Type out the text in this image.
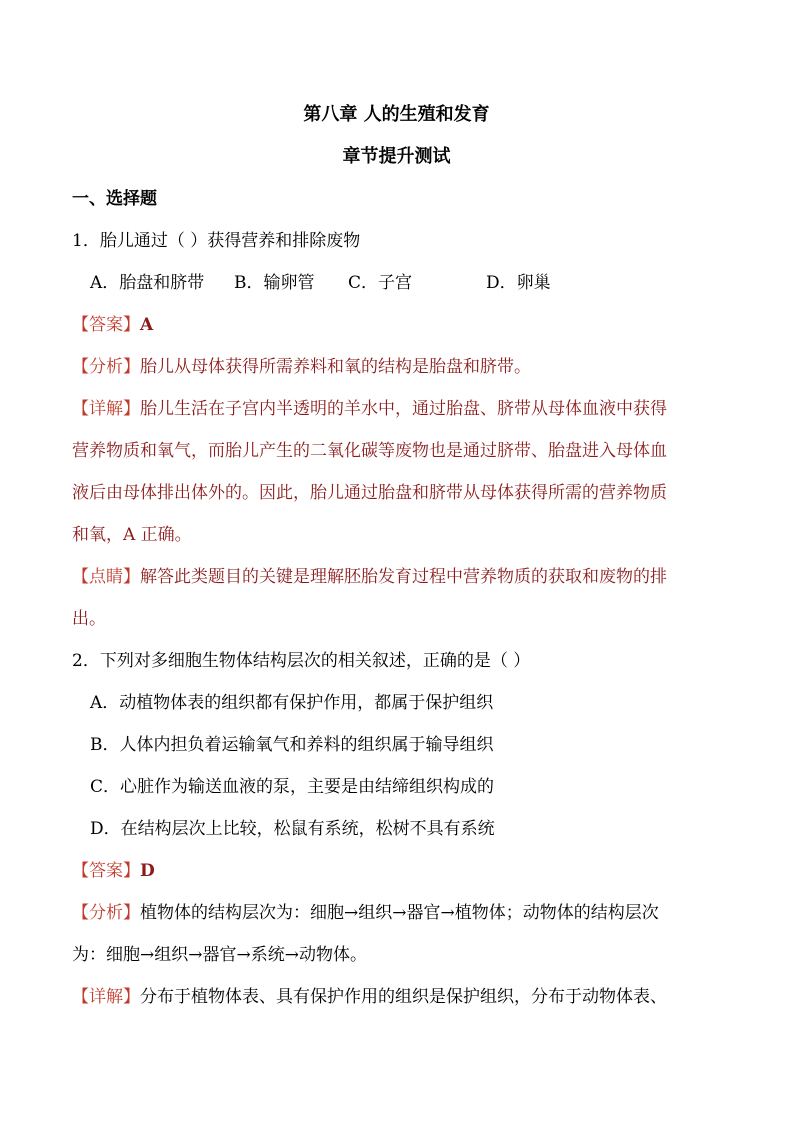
第八章 人的生殖和发育
章节提升测试
一、选择题
1．胎儿通过（ ）获得营养和排除废物
A．胎盘和脐带 B．输卵管 C．子宫	D．卵巢
【答案】A
【分析】胎儿从母体获得所需养料和氧的结构是胎盘和脐带。
【详解】胎儿生活在子宫内半透明的羊水中，通过胎盘、脐带从母体血液中获得
营养物质和氧气，而胎儿产生的二氧化碳等废物也是通过脐带、胎盘进入母体血
液后由母体排出体外的。因此，胎儿通过胎盘和脐带从母体获得所需的营养物质
和氧，A 正确。
【点睛】解答此类题目的关键是理解胚胎发育过程中营养物质的获取和废物的排
出。
2．下列对多细胞生物体结构层次的相关叙述，正确的是（ ）
A．动植物体表的组织都有保护作用，都属于保护组织
B．人体内担负着运输氧气和养料的组织属于输导组织
C．心脏作为输送血液的泵，主要是由结缔组织构成的
D．在结构层次上比较，松鼠有系统，松树不具有系统
【答案】D
【分析】植物体的结构层次为：细胞→组织→器官→植物体；动物体的结构层次
为：细胞→组织→器官→系统→动物体。
【详解】分布于植物体表、具有保护作用的组织是保护组织，分布于动物体表、
